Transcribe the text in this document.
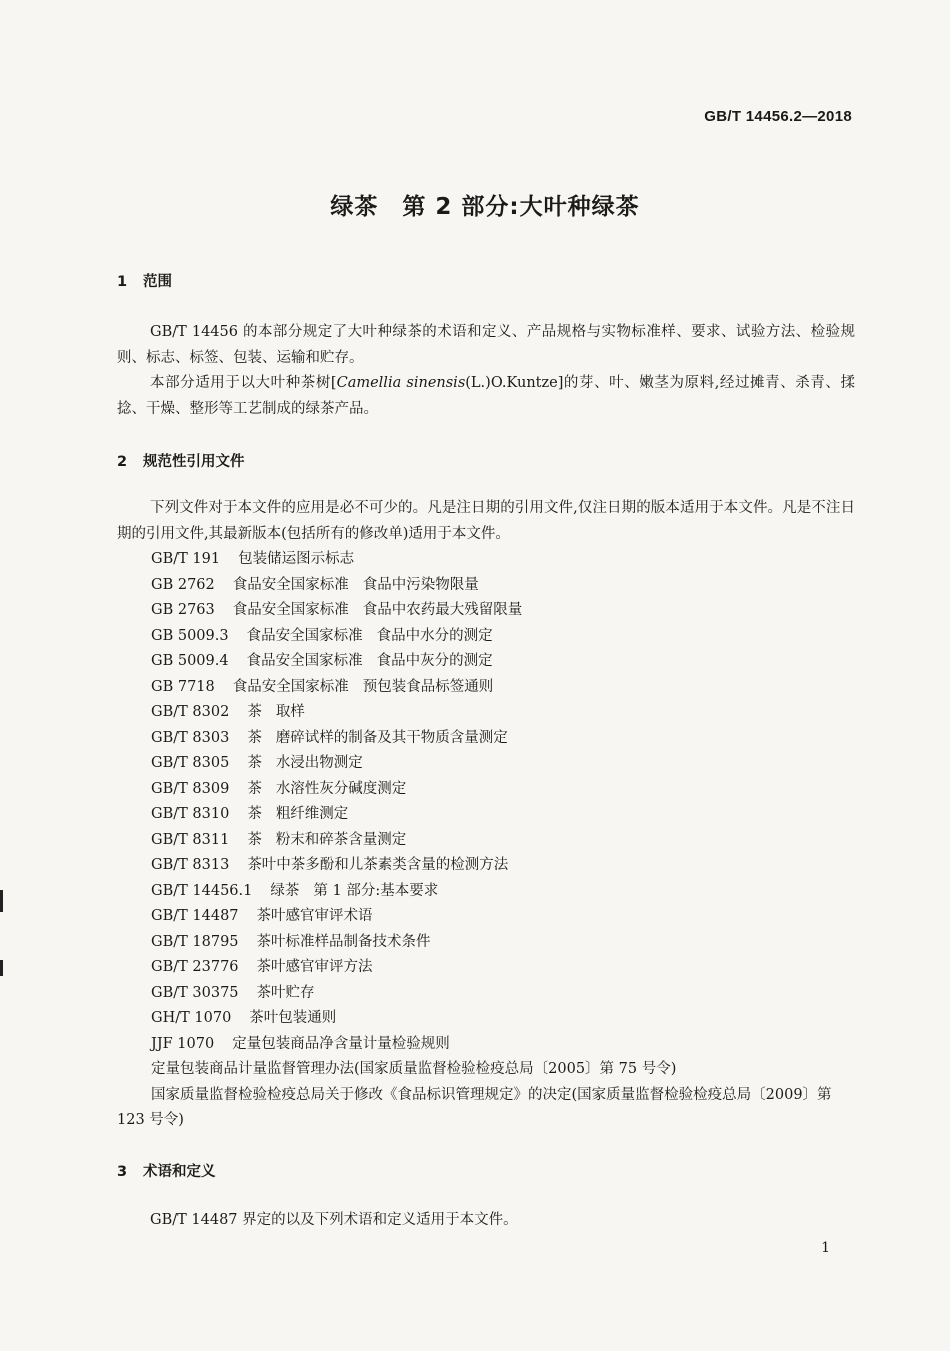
GB/T 14456.2—2018
绿茶 第 2 部分:大叶种绿茶
1 范围
GB/T 14456 的本部分规定了大叶种绿茶的术语和定义、产品规格与实物标准样、要求、试验方法、检验规则、标志、标签、包装、运输和贮存。
本部分适用于以大叶种茶树[Camellia sinensis(L.)O.Kuntze]的芽、叶、嫩茎为原料,经过摊青、杀青、揉捻、干燥、整形等工艺制成的绿茶产品。
2 规范性引用文件
下列文件对于本文件的应用是必不可少的。凡是注日期的引用文件,仅注日期的版本适用于本文件。凡是不注日期的引用文件,其最新版本(包括所有的修改单)适用于本文件。
GB/T 191 包装储运图示标志
GB 2762 食品安全国家标准 食品中污染物限量
GB 2763 食品安全国家标准 食品中农药最大残留限量
GB 5009.3 食品安全国家标准 食品中水分的测定
GB 5009.4 食品安全国家标准 食品中灰分的测定
GB 7718 食品安全国家标准 预包装食品标签通则
GB/T 8302 茶 取样
GB/T 8303 茶 磨碎试样的制备及其干物质含量测定
GB/T 8305 茶 水浸出物测定
GB/T 8309 茶 水溶性灰分碱度测定
GB/T 8310 茶 粗纤维测定
GB/T 8311 茶 粉末和碎茶含量测定
GB/T 8313 茶叶中茶多酚和儿茶素类含量的检测方法
GB/T 14456.1 绿茶 第 1 部分:基本要求
GB/T 14487 茶叶感官审评术语
GB/T 18795 茶叶标准样品制备技术条件
GB/T 23776 茶叶感官审评方法
GB/T 30375 茶叶贮存
GH/T 1070 茶叶包装通则
JJF 1070 定量包装商品净含量计量检验规则
定量包装商品计量监督管理办法(国家质量监督检验检疫总局〔2005〕第 75 号令)
国家质量监督检验检疫总局关于修改《食品标识管理规定》的决定(国家质量监督检验检疫总局〔2009〕第 123 号令)
3 术语和定义
GB/T 14487 界定的以及下列术语和定义适用于本文件。
1
